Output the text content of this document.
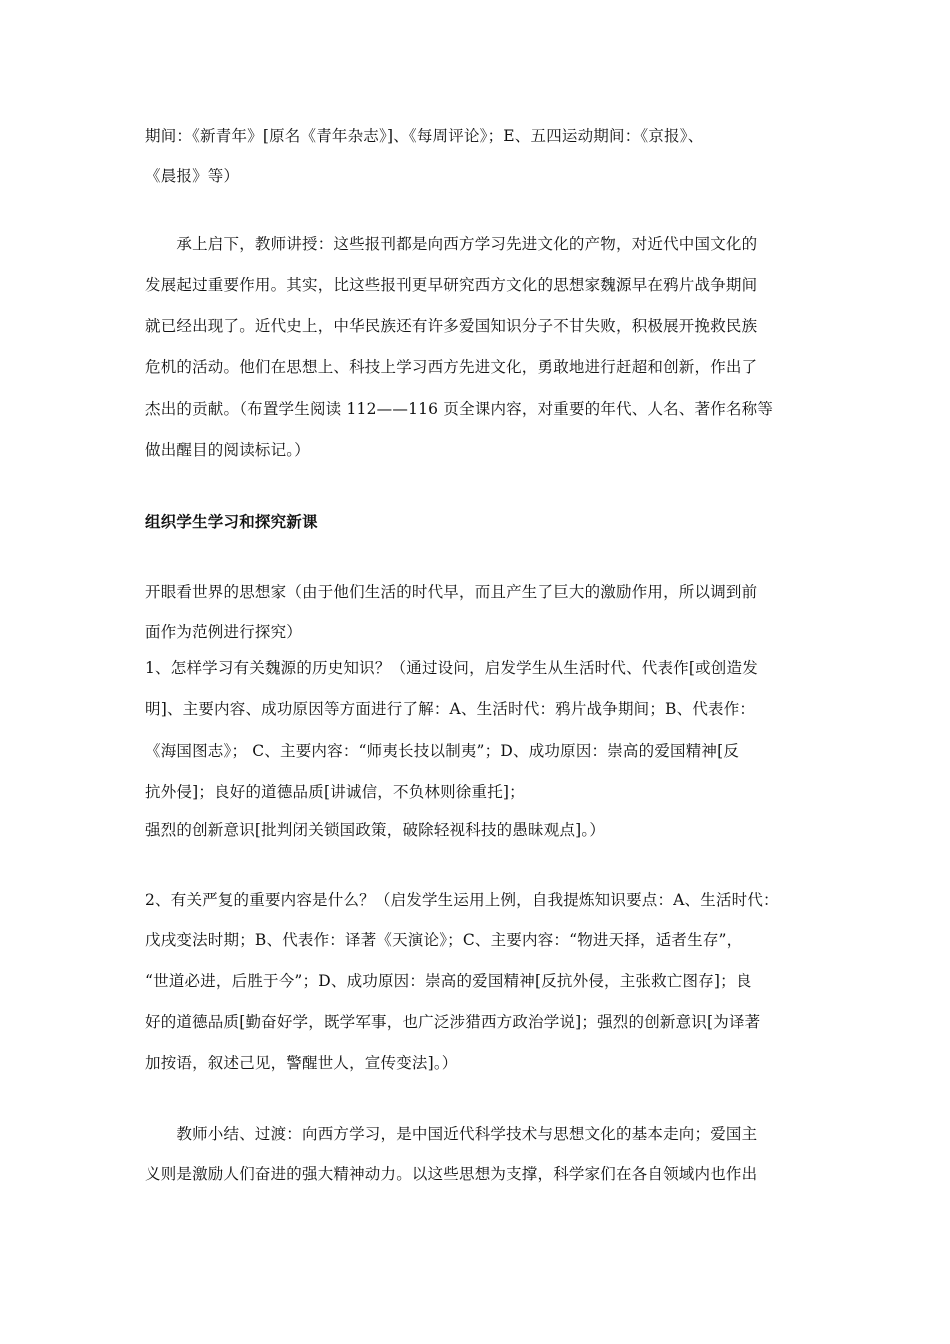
期间：《新青年》[原名《青年杂志》]、《每周评论》；E、五四运动期间：《京报》、
《晨报》等）
　　承上启下，教师讲授：这些报刊都是向西方学习先进文化的产物，对近代中国文化的
发展起过重要作用。其实，比这些报刊更早研究西方文化的思想家魏源早在鸦片战争期间
就已经出现了。近代史上，中华民族还有许多爱国知识分子不甘失败，积极展开挽救民族
危机的活动。他们在思想上、科技上学习西方先进文化，勇敢地进行赶超和创新，作出了
杰出的贡献。（布置学生阅读 112——116 页全课内容，对重要的年代、人名、著作名称等
做出醒目的阅读标记。）
组织学生学习和探究新课
开眼看世界的思想家（由于他们生活的时代早，而且产生了巨大的激励作用，所以调到前
面作为范例进行探究）
1、怎样学习有关魏源的历史知识？（通过设问，启发学生从生活时代、代表作[或创造发
明]、主要内容、成功原因等方面进行了解：A、生活时代：鸦片战争期间；B、代表作：
《海国图志》； C、主要内容：“师夷长技以制夷”；D、成功原因：崇高的爱国精神[反
抗外侵]；良好的道德品质[讲诚信，不负林则徐重托]；
强烈的创新意识[批判闭关锁国政策，破除轻视科技的愚昧观点]。）
2、有关严复的重要内容是什么？（启发学生运用上例，自我提炼知识要点：A、生活时代：
戊戌变法时期；B、代表作：译著《天演论》；C、主要内容：“物进天择，适者生存”，
“世道必进，后胜于今”；D、成功原因：崇高的爱国精神[反抗外侵，主张救亡图存]；良
好的道德品质[勤奋好学，既学军事，也广泛涉猎西方政治学说]；强烈的创新意识[为译著
加按语，叙述己见，警醒世人，宣传变法]。）
　　教师小结、过渡：向西方学习，是中国近代科学技术与思想文化的基本走向；爱国主
义则是激励人们奋进的强大精神动力。以这些思想为支撑，科学家们在各自领域内也作出
